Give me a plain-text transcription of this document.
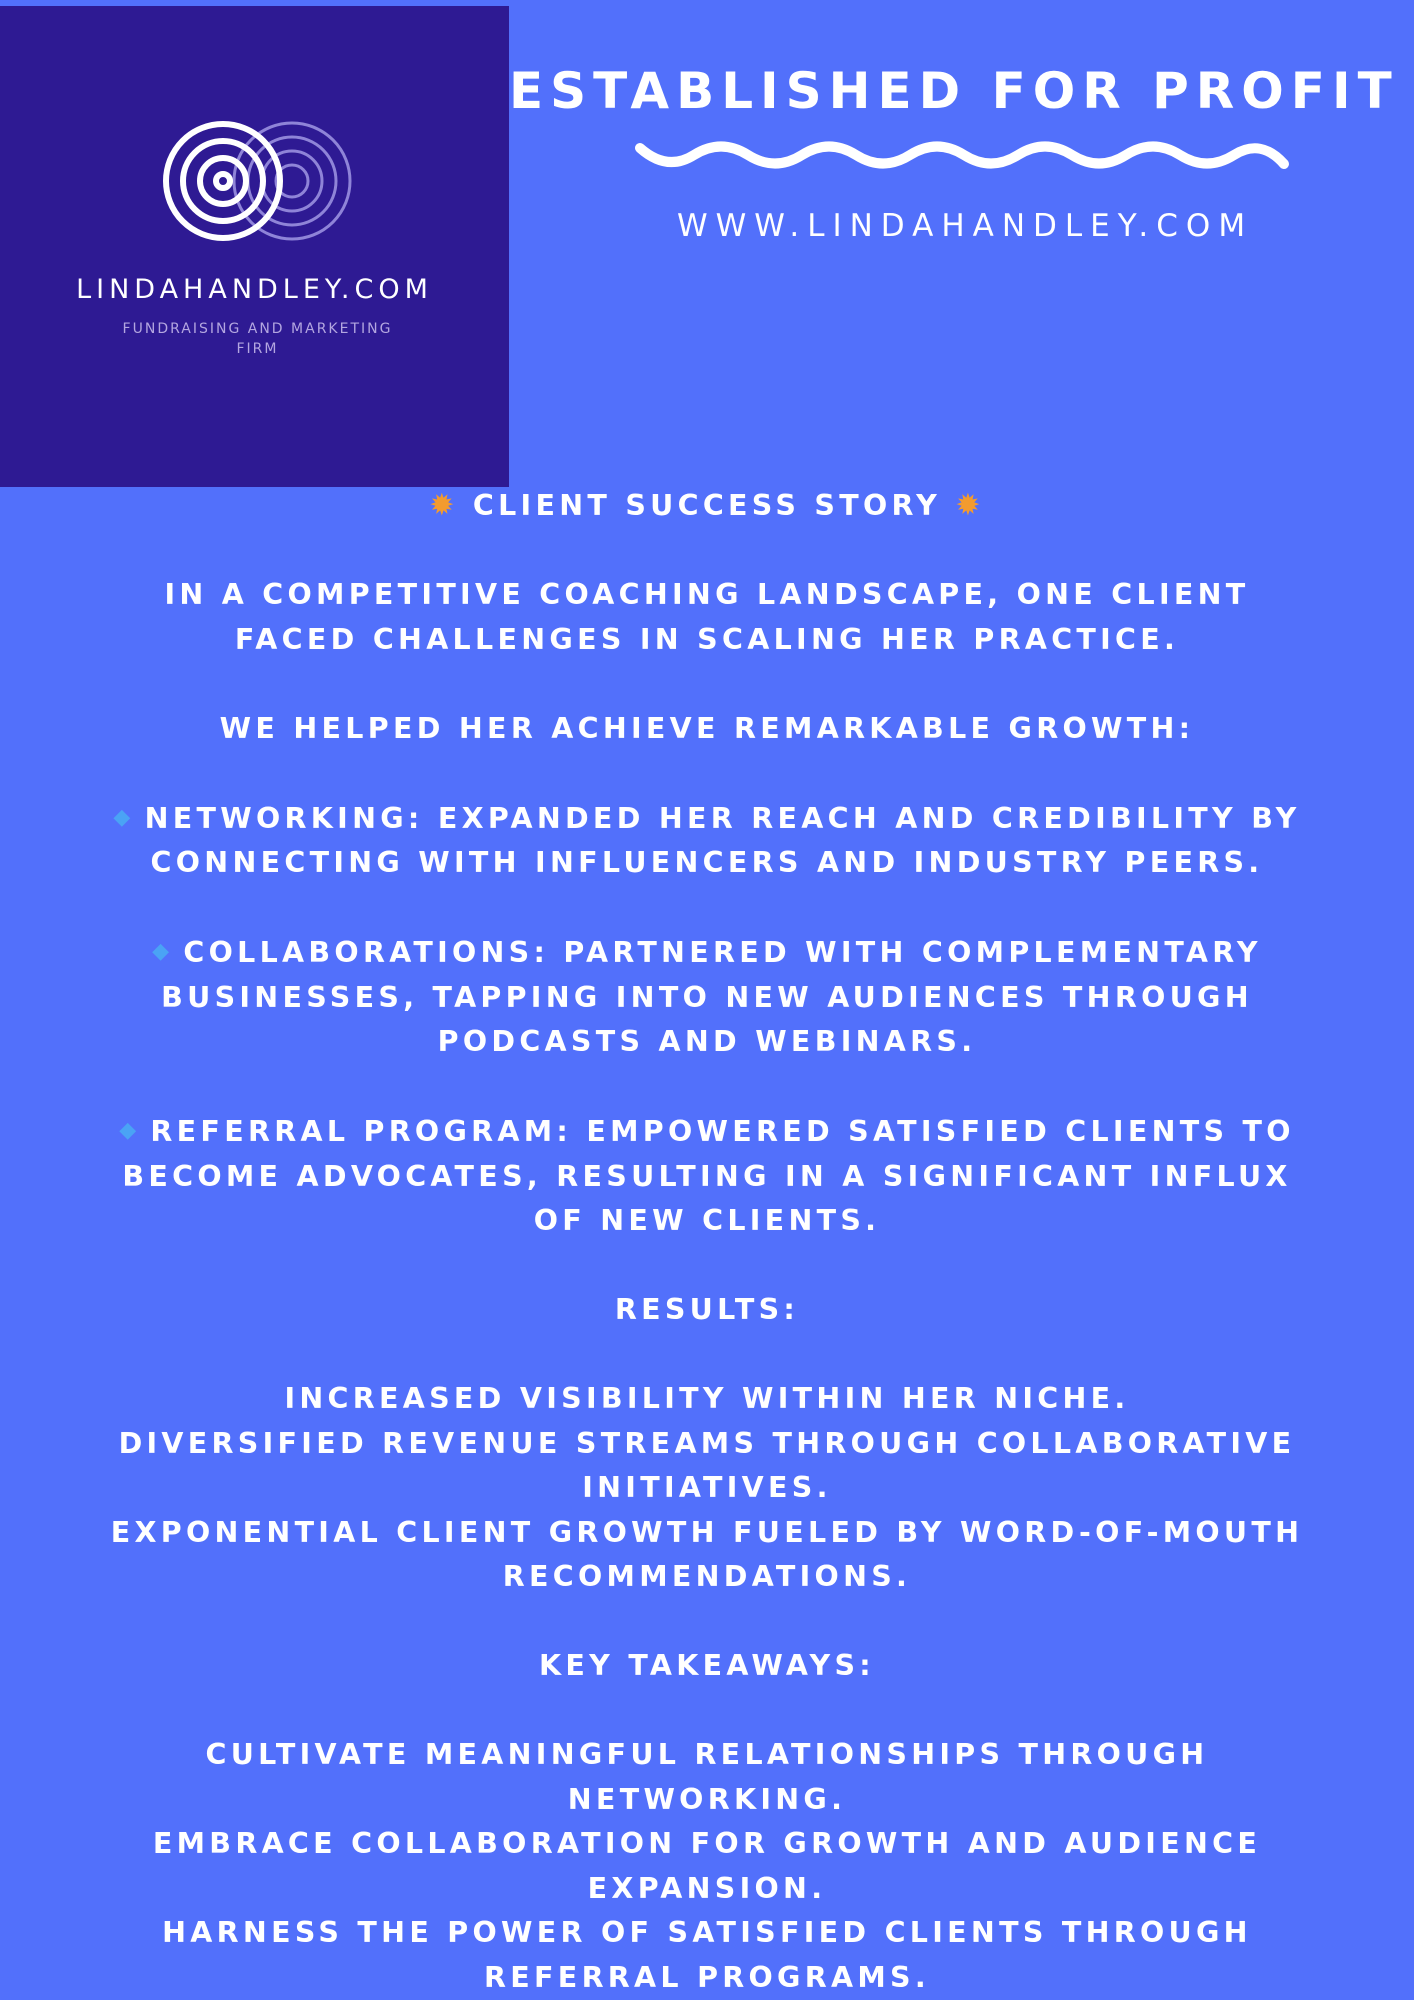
LINDAHANDLEY.COM
FUNDRAISING AND MARKETING
FIRM
ESTABLISHED FOR PROFIT
WWW.LINDAHANDLEY.COM

✹ CLIENT SUCCESS STORY ✹

IN A COMPETITIVE COACHING LANDSCAPE, ONE CLIENT

FACED CHALLENGES IN SCALING HER PRACTICE.

WE HELPED HER ACHIEVE REMARKABLE GROWTH:

◆ NETWORKING: EXPANDED HER REACH AND CREDIBILITY BY

CONNECTING WITH INFLUENCERS AND INDUSTRY PEERS.

◆ COLLABORATIONS: PARTNERED WITH COMPLEMENTARY

BUSINESSES, TAPPING INTO NEW AUDIENCES THROUGH

PODCASTS AND WEBINARS.

◆ REFERRAL PROGRAM: EMPOWERED SATISFIED CLIENTS TO

BECOME ADVOCATES, RESULTING IN A SIGNIFICANT INFLUX

OF NEW CLIENTS.

RESULTS:

INCREASED VISIBILITY WITHIN HER NICHE.

DIVERSIFIED REVENUE STREAMS THROUGH COLLABORATIVE

INITIATIVES.

EXPONENTIAL CLIENT GROWTH FUELED BY WORD-OF-MOUTH

RECOMMENDATIONS.

KEY TAKEAWAYS:

CULTIVATE MEANINGFUL RELATIONSHIPS THROUGH

NETWORKING.

EMBRACE COLLABORATION FOR GROWTH AND AUDIENCE

EXPANSION.

HARNESS THE POWER OF SATISFIED CLIENTS THROUGH

REFERRAL PROGRAMS.
